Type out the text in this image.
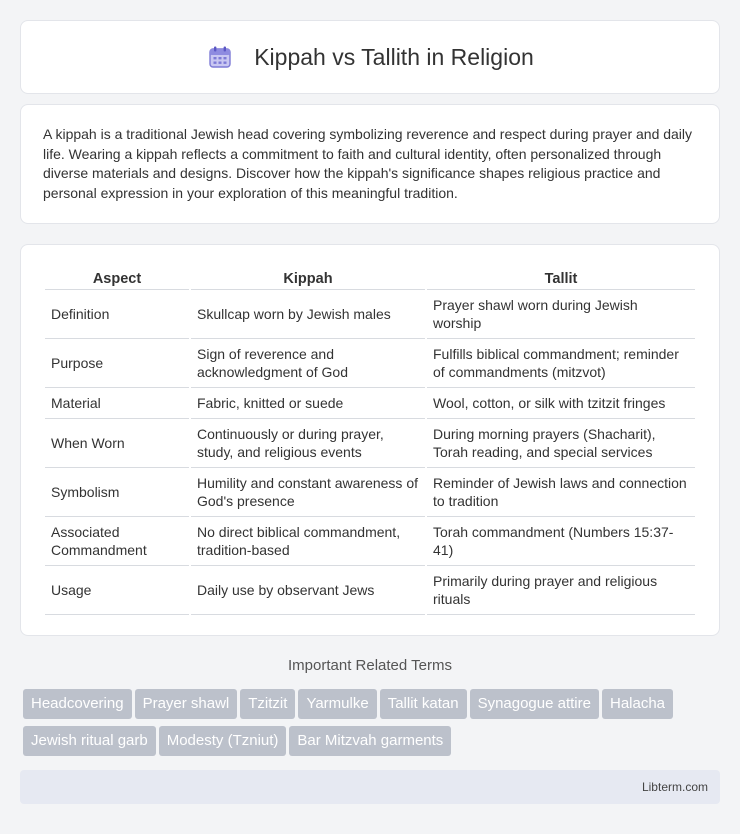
Kippah vs Tallith in Religion

A kippah is a traditional Jewish head covering symbolizing reverence and respect during prayer and daily life. Wearing a kippah reflects a commitment to faith and cultural identity, often personalized through diverse materials and designs. Discover how the kippah's significance shapes religious practice and personal expression in your exploration of this meaningful tradition.

Aspect	Kippah	Tallit
Definition	Skullcap worn by Jewish males	Prayer shawl worn during Jewish worship
Purpose	Sign of reverence and acknowledgment of God	Fulfills biblical commandment; reminder of commandments (mitzvot)
Material	Fabric, knitted or suede	Wool, cotton, or silk with tzitzit fringes
When Worn	Continuously or during prayer, study, and religious events	During morning prayers (Shacharit), Torah reading, and special services
Symbolism	Humility and constant awareness of God's presence	Reminder of Jewish laws and connection to tradition
Associated Commandment	No direct biblical commandment, tradition-based	Torah commandment (Numbers 15:37-41)
Usage	Daily use by observant Jews	Primarily during prayer and religious rituals
Important Related Terms
Headcovering Prayer shawl Tzitzit Yarmulke Tallit katan Synagogue attire HalachaJewish ritual garb Modesty (Tzniut) Bar Mitzvah garments
Libterm.com
